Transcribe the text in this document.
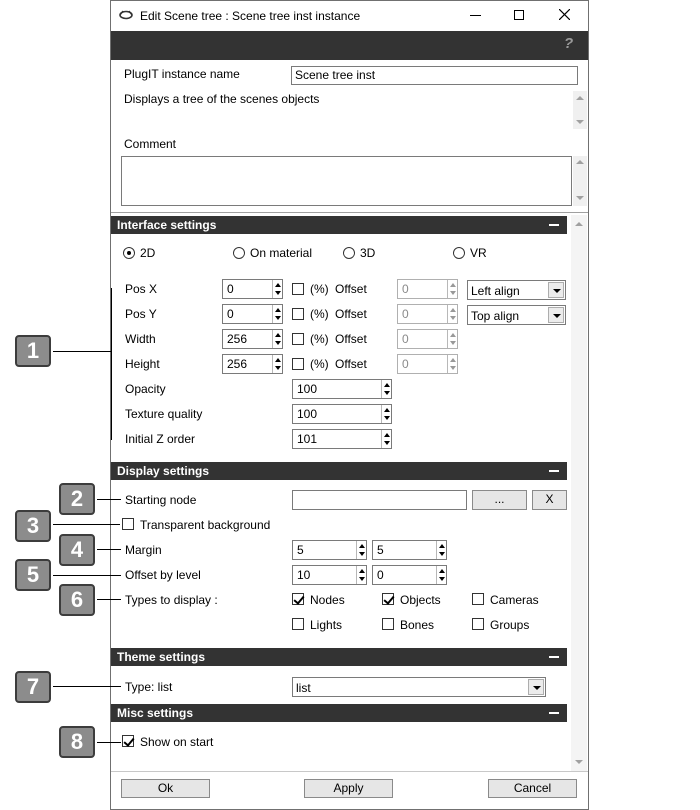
Edit Scene tree : Scene tree inst instance
?
PlugIT instance name	Scene tree inst
Displays a tree of the scenes objects
Comment
Interface settings
2D	On material	3D	VR
Pos X	0	(%) Offset	0	Left align
Pos Y	0	(%) Offset	0	Top align
Width	256	(%) Offset	0
Height	256	(%) Offset	0
Opacity	100
Texture quality	100
Initial Z order	101
Display settings
Starting node	...	X
Transparent background
Margin	5	5
Offset by level	10	0
Types to display :	Nodes	Objects	Cameras
Lights	Bones	Groups
Theme settings
Type: list	list
Misc settings
Show on start
Ok	Apply	Cancel
1
2
3
4
5
6
7
8
